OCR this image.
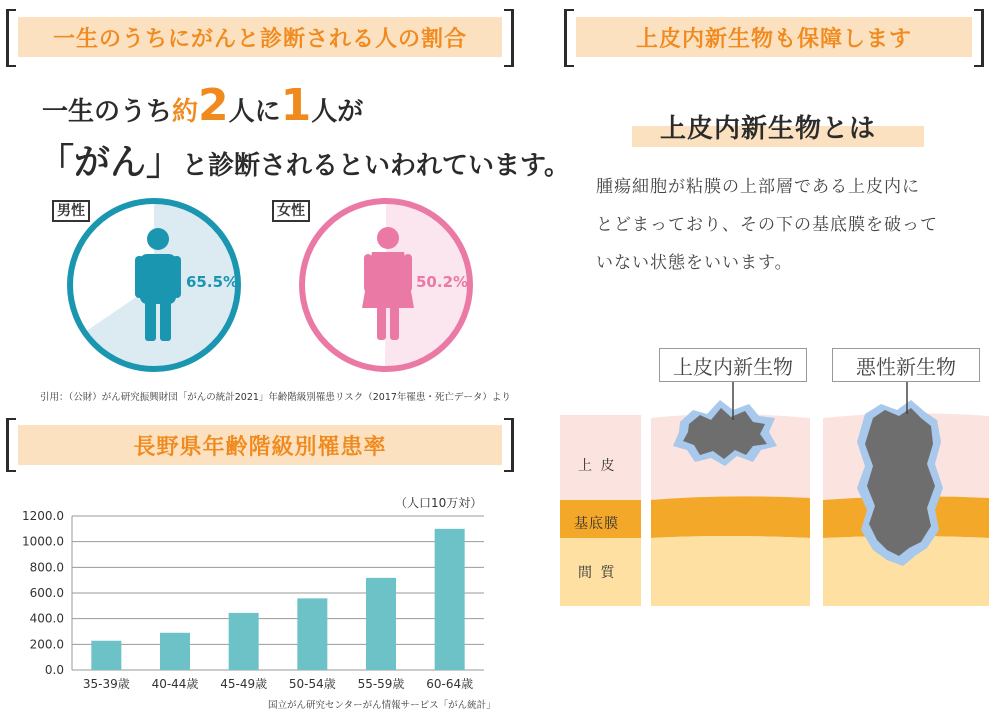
一生のうちにがんと診断される人の割合
一生のうち約2人に1人が
「がん」と診断されるといわれています。
男性
65.5%
女性
50.2%
引用：（公財）がん研究振興財団「がんの統計2021」年齢階級別罹患リスク（2017年罹患・死亡データ）より
長野県年齢階級別罹患率
（人口10万対）
0.0
200.0
400.0
600.0
800.0
1000.0
1200.0
35-39歳 40-44歳 45-49歳 50-54歳 55-59歳 60-64歳
国立がん研究センターがん情報サービス「がん統計」
上皮内新生物も保障します
上皮内新生物とは
腫瘍細胞が粘膜の上部層である上皮内に
とどまっており、その下の基底膜を破って
いない状態をいいます。
上皮内新生物	悪性新生物
上 皮
基底膜
間 質
